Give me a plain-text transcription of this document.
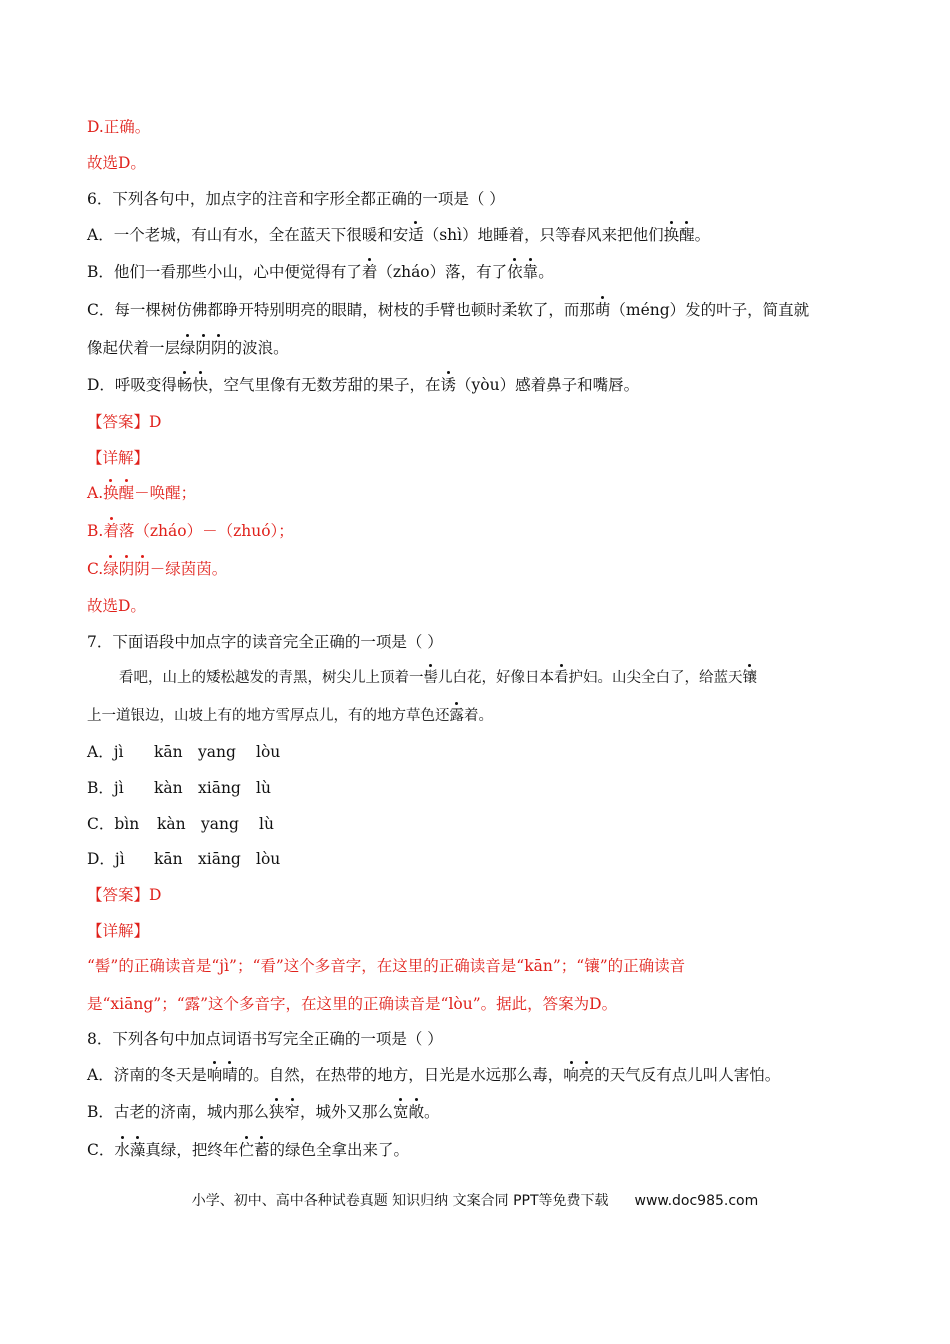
D.正确。
故选D。
6．下列各句中，加点字的注音和字形全都正确的一项是（ ）
A．一个老城，有山有水，全在蓝天下很暖和安适（shì）地睡着，只等春风来把他们换醒。
B．他们一看那些小山，心中便觉得有了着（zháo）落，有了依靠。
C．每一棵树仿佛都睁开特别明亮的眼睛，树枝的手臂也顿时柔软了，而那萌（méng）发的叶子，简直就
像起伏着一层绿阴阴的波浪。
D．呼吸变得畅快，空气里像有无数芳甜的果子，在诱（yòu）感着鼻子和嘴唇。
【答案】D
【详解】
A.换醒－唤醒；
B.着落（zháo）－（zhuó）；
C.绿阴阴－绿茵茵。
故选D。
7．下面语段中加点字的读音完全正确的一项是（ ）
看吧，山上的矮松越发的青黑，树尖儿上顶着一髻儿白花，好像日本看护妇。山尖全白了，给蓝天镶
上一道银边，山坡上有的地方雪厚点儿，有的地方草色还露着。
A．jì kān yang lòu
B．jì kàn xiāng lù
C．bìn kàn yang lù
D．jì kān xiāng lòu
【答案】D
【详解】
“髻”的正确读音是“jì”；“看”这个多音字，在这里的正确读音是“kān”；“镶”的正确读音
是“xiāng”；“露”这个多音字，在这里的正确读音是“lòu”。据此，答案为D。
8．下列各句中加点词语书写完全正确的一项是（ ）
A．济南的冬天是响晴的。自然，在热带的地方，日光是水远那么毒，响亮的天气反有点儿叫人害怕。
B．古老的济南，城内那么狭窄，城外又那么宽敞。
C．水藻真绿，把终年伫蓄的绿色全拿出来了。
小学、初中、高中各种试卷真题 知识归纳 文案合同 PPT等免费下载 www.doc985.com
